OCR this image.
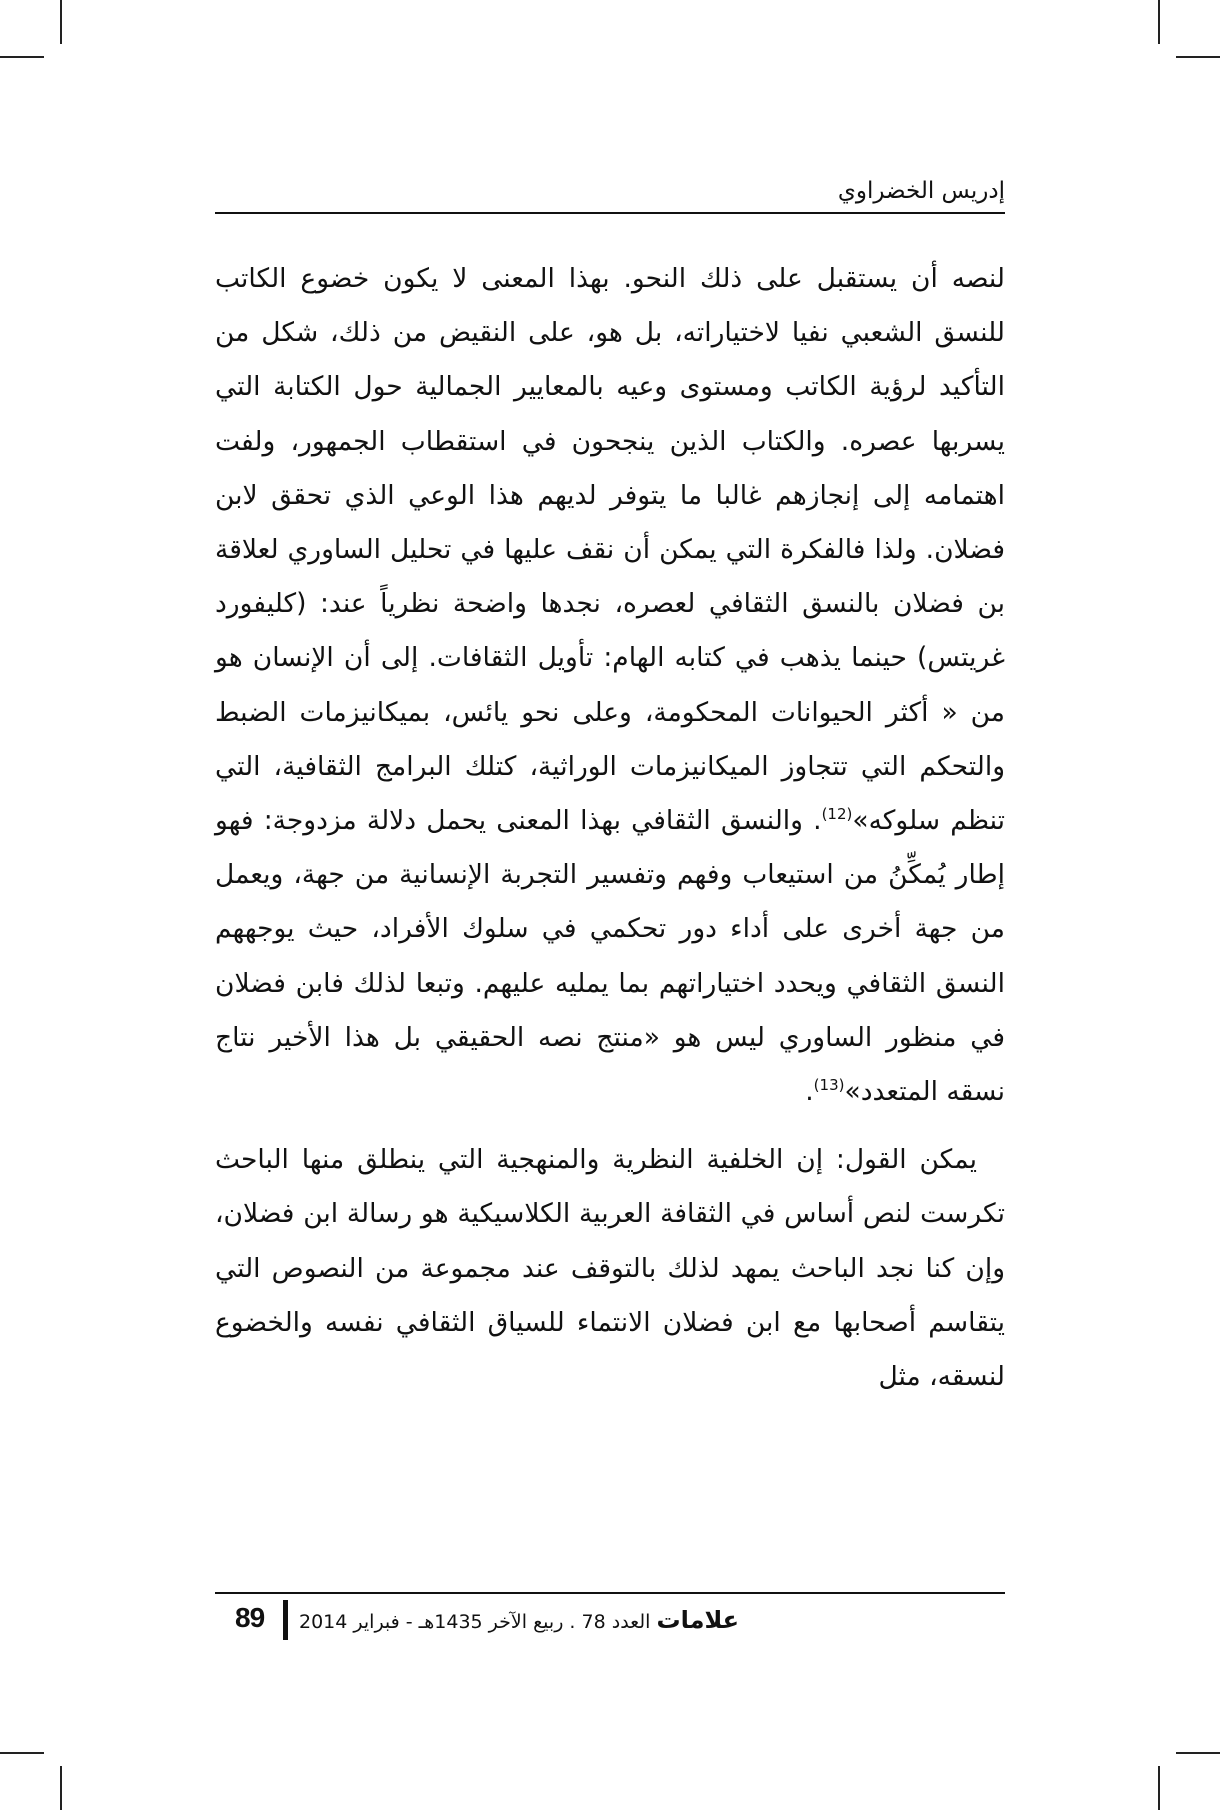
إدريس الخضراوي

لنصه أن يستقبل على ذلك النحو. بهذا المعنى لا يكون خضوع الكاتب للنسق الشعبي نفيا لاختياراته، بل هو، على النقيض من ذلك، شكل من التأكيد لرؤية الكاتب ومستوى وعيه بالمعايير الجمالية حول الكتابة التي يسربها عصره. والكتاب الذين ينجحون في استقطاب الجمهور، ولفت اهتمامه إلى إنجازهم غالبا ما يتوفر لديهم هذا الوعي الذي تحقق لابن فضلان. ولذا فالفكرة التي يمكن أن نقف عليها في تحليل الساوري لعلاقة بن فضلان بالنسق الثقافي لعصره، نجدها واضحة نظرياً عند: (كليفورد غريتس) حينما يذهب في كتابه الهام: تأويل الثقافات. إلى أن الإنسان هو من « أكثر الحيوانات المحكومة، وعلى نحو يائس، بميكانيزمات الضبط والتحكم التي تتجاوز الميكانيزمات الوراثية، كتلك البرامج الثقافية، التي تنظم سلوكه»$^{(12)}$. والنسق الثقافي بهذا المعنى يحمل دلالة مزدوجة: فهو إطار يُمكِّنُ من استيعاب وفهم وتفسير التجربة الإنسانية من جهة، ويعمل من جهة أخرى على أداء دور تحكمي في سلوك الأفراد، حيث يوجههم النسق الثقافي ويحدد اختياراتهم بما يمليه عليهم. وتبعا لذلك فابن فضلان في منظور الساوري ليس هو «منتج نصه الحقيقي بل هذا الأخير نتاج نسقه المتعدد»$^{(13)}$.

يمكن القول: إن الخلفية النظرية والمنهجية التي ينطلق منها الباحث تكرست لنص أساس في الثقافة العربية الكلاسيكية هو رسالة ابن فضلان، وإن كنا نجد الباحث يمهد لذلك بالتوقف عند مجموعة من النصوص التي يتقاسم أصحابها مع ابن فضلان الانتماء للسياق الثقافي نفسه والخضوع لنسقه، مثل

89	علامات العدد 78 . ربيع الآخر 1435هـ - فبراير 2014
